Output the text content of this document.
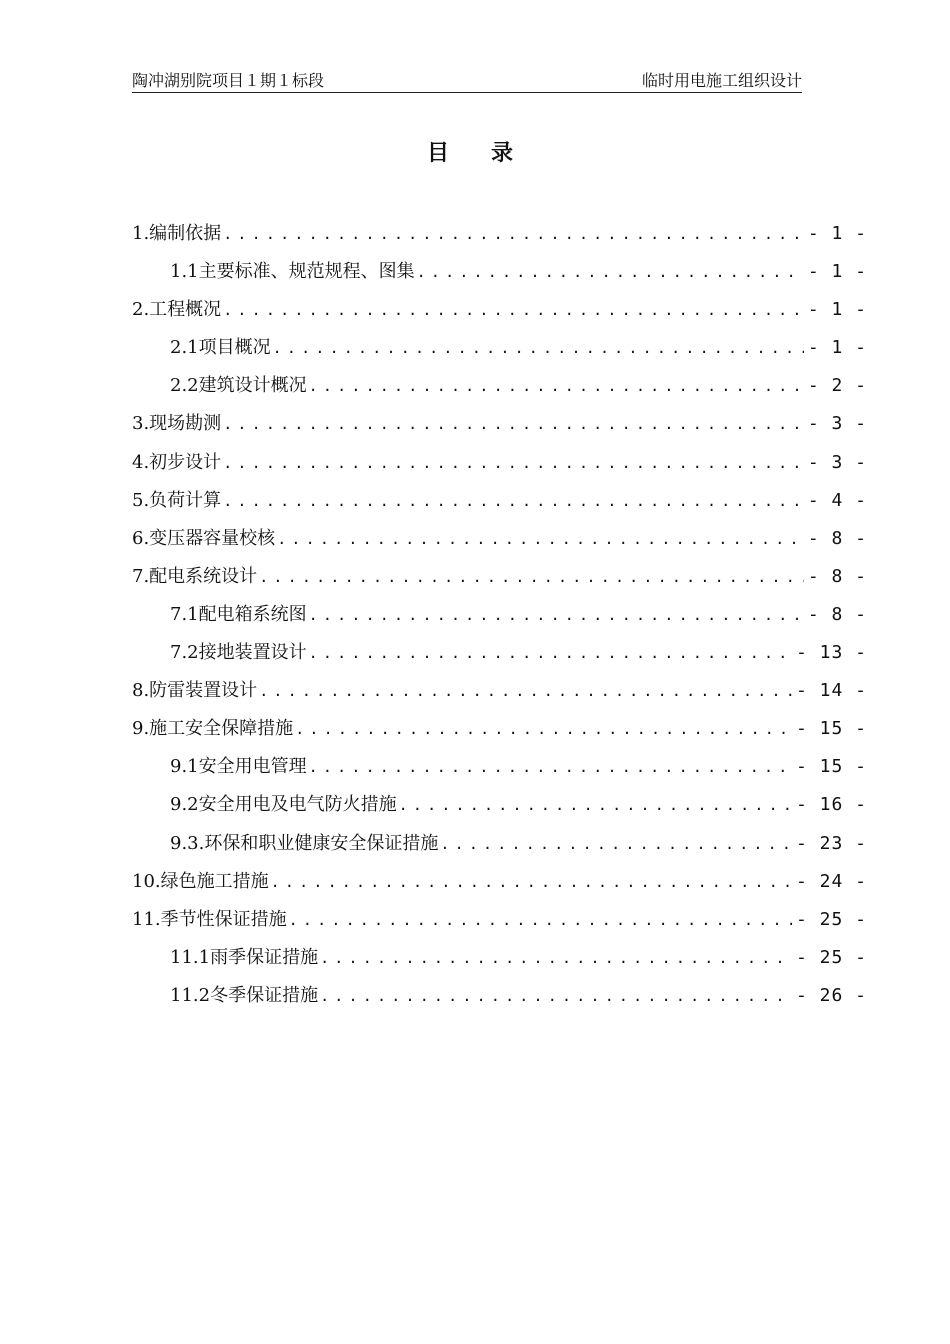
陶冲湖别院项目１期１标段	临时用电施工组织设计
目录
1.编制依据 .....	- 1 -
1.1主要标准、规范规程、图集 .....	- 1 -
2.工程概况 .....	- 1 -
2.1项目概况 .....	- 1 -
2.2建筑设计概况 .....	- 2 -
3.现场勘测 .....	- 3 -
4.初步设计 .....	- 3 -
5.负荷计算 .....	- 4 -
6.变压器容量校核 .....	- 8 -
7.配电系统设计 .....	- 8 -
7.1配电箱系统图 .....	- 8 -
7.2接地装置设计 .....	- 13 -
8.防雷装置设计 .....	- 14 -
9.施工安全保障措施 .....	- 15 -
9.1安全用电管理 .....	- 15 -
9.2安全用电及电气防火措施 .....	- 16 -
9.3.环保和职业健康安全保证措施 .....	- 23 -
10.绿色施工措施 .....	- 24 -
11.季节性保证措施 .....	- 25 -
11.1雨季保证措施 .....	- 25 -
11.2冬季保证措施 .....	- 26 -
